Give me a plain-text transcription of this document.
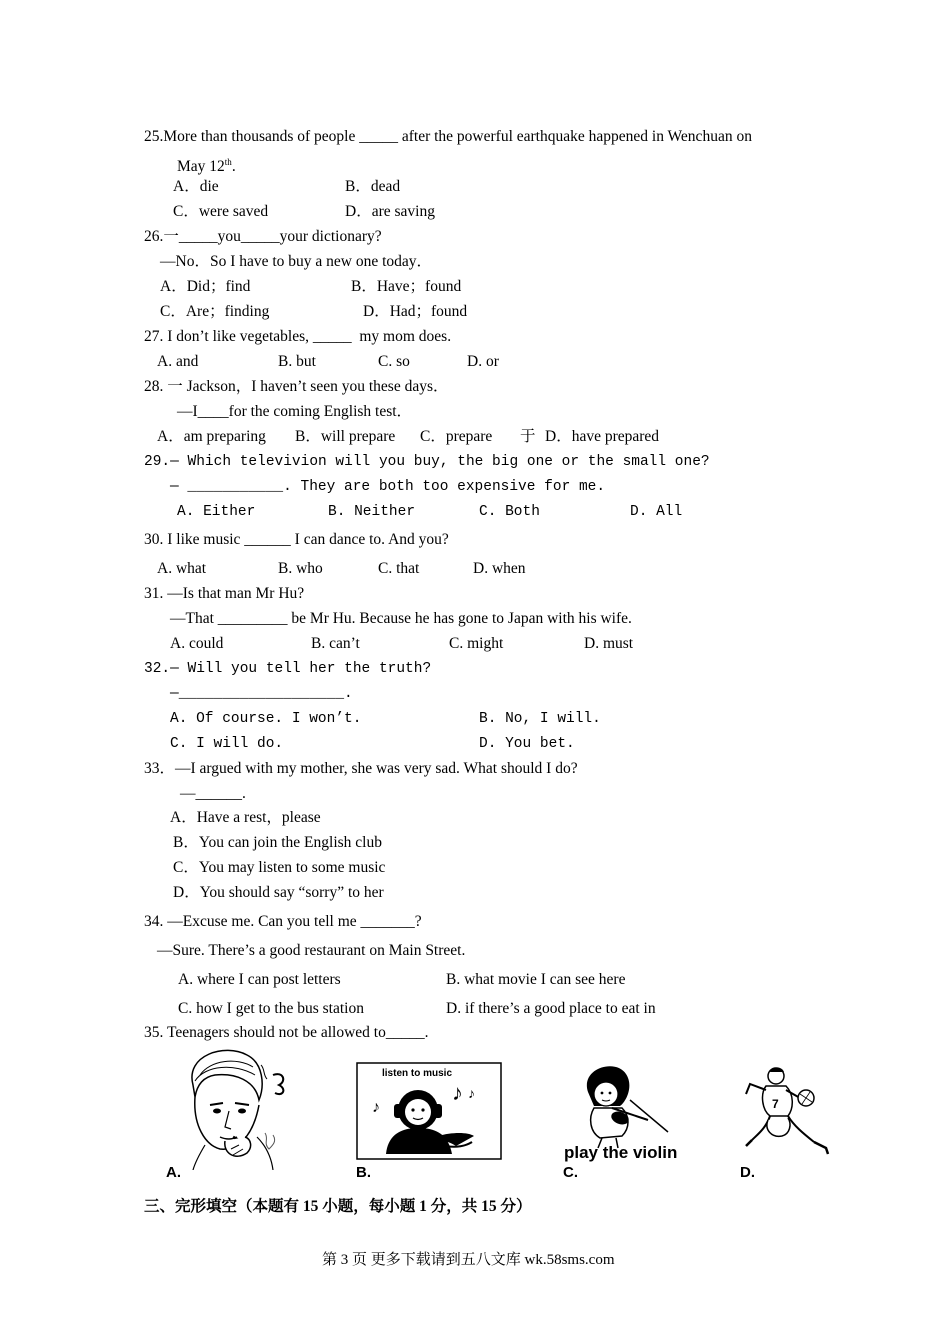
25.More than thousands of people _____ after the powerful earthquake happened in Wenchuan on
May 12th.
A．die	B．dead
C．were saved	D．are saving
26.一_____you_____your dictionary?
—No．So I have to buy a new one today．
A．Did；find	B．Have；found
C．Are；finding	D．Had；found
27. I don’t like vegetables, _____  my mom does.
A. and	B. but	C. so	D. or
28. 一 Jackson，I haven’t seen you these days．
—I____for the coming English test．
A．am preparing B．will prepare C．prepare 于 D．have prepared
29.— Which televivion will you buy, the big one or the small one?
— ___________. They are both too expensive for me.
A. Either	B. Neither	C. Both	D. All
30. I like music ______ I can dance to. And you?
A. what	B. who	C. that	D. when
31. —Is that man Mr Hu?
—That _________ be Mr Hu. Because he has gone to Japan with his wife.
A. could	B. can’t	C. might	D. must
32.— Will you tell her the truth?
—___________________.
A. Of course. I won’t.	B. No, I will.
C. I will do.	D. You bet.
33．—I argued with my mother, she was very sad. What should I do?
—______.
A．Have a rest，please
B．You can join the English club
C．You may listen to some music
D．You should say “sorry” to her
34. —Excuse me. Can you tell me _______?
—Sure. There’s a good restaurant on Main Street.
A. where I can post letters	B. what movie I can see here
C. how I get to the bus station	D. if there’s a good place to eat in
35. Teenagers should not be allowed to_____.
A.
listen to music
♪ ♪
♪
B.
play the violin
C.
7
D.
三、完形填空（本题有 15 小题，每小题 1 分，共 15 分）
第 3 页 更多下载请到五八文库 wk.58sms.com
